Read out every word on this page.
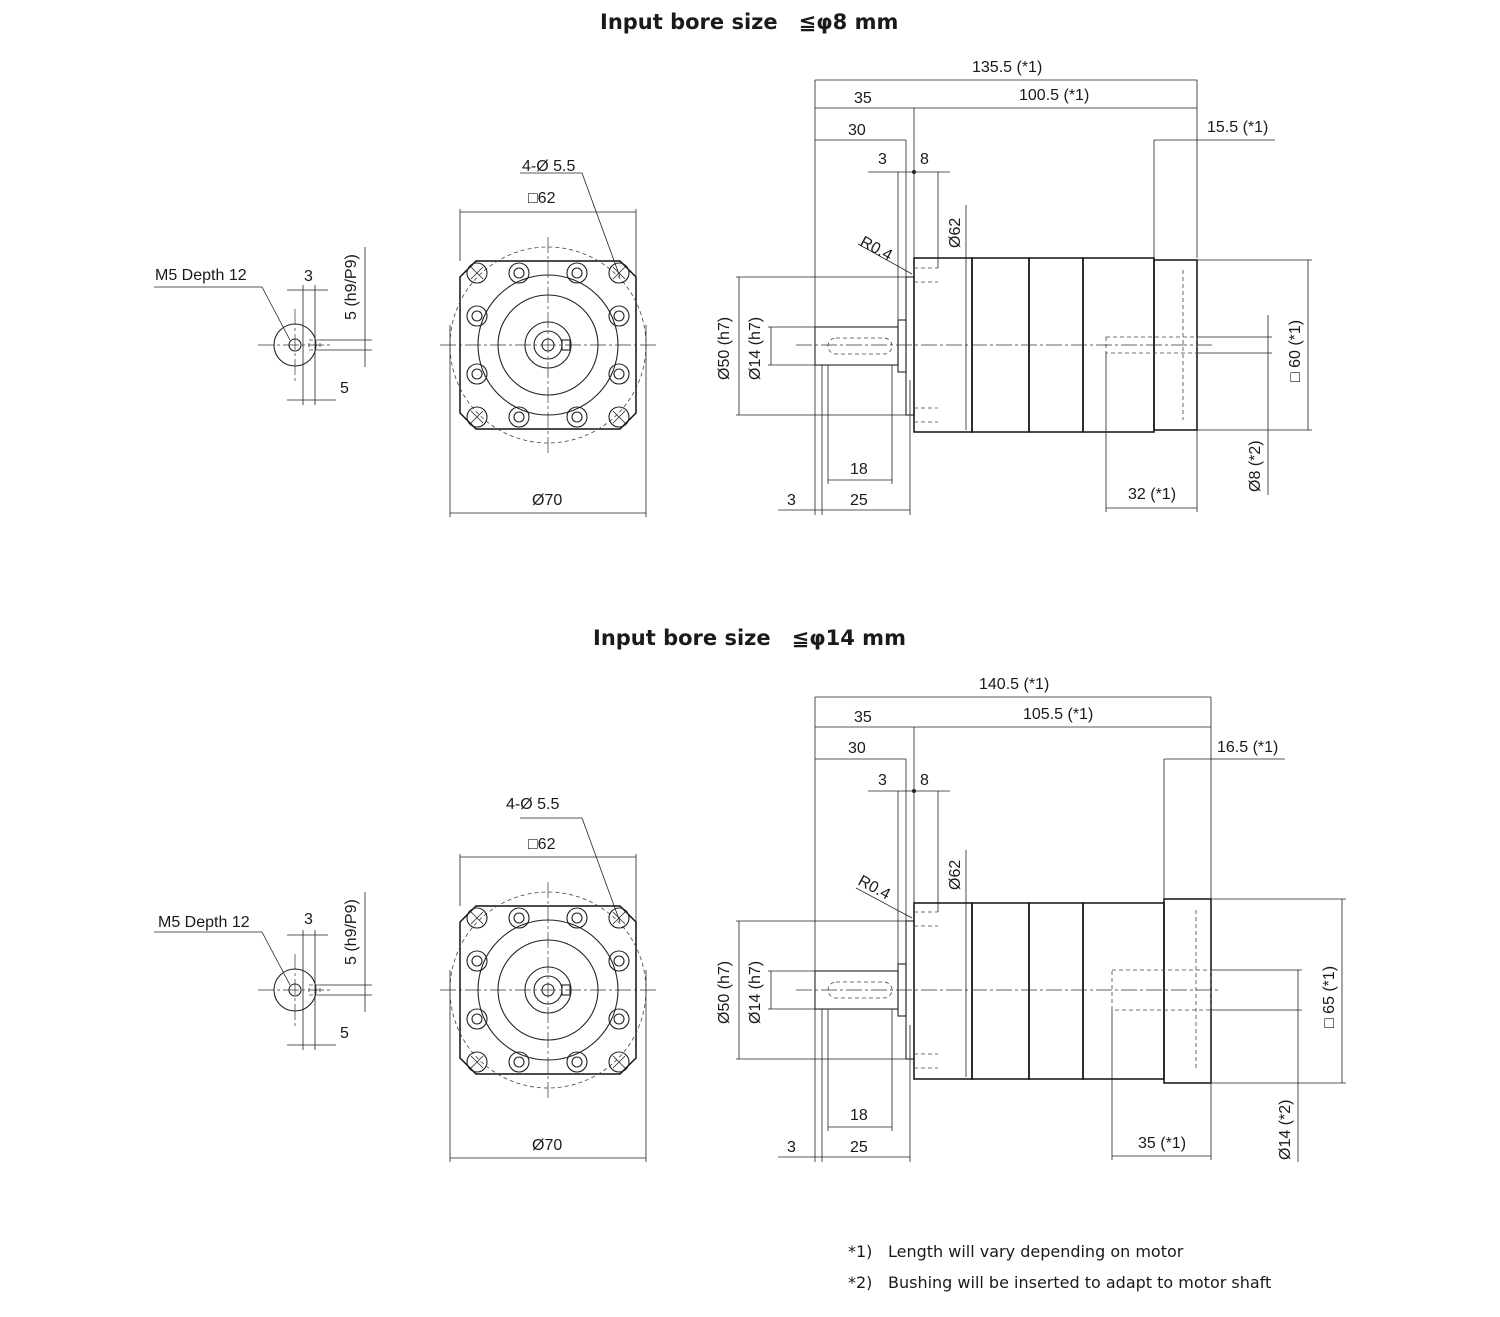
Input bore size　≦φ8 mm
M5 Depth 12	3 5 (h9/P9)
5
4-Ø 5.5
□62
Ø70
135.5 (*1)
35	100.5 (*1)
30	15.5 (*1)
3 8
R0.4
Ø62
Ø50 (h7) Ø14 (h7)	□ 60 (*1)
Ø8 (*2)
18
3	25	32 (*1)
Input bore size　≦φ14 mm
M5 Depth 12	3 5 (h9/P9)
5
4-Ø 5.5
□62
Ø70
140.5 (*1)
35	105.5 (*1)
30	16.5 (*1)
3 8
R0.4	Ø62
Ø50 (h7) Ø14 (h7)	□ 65 (*1)
Ø14 (*2)
18
3	25	35 (*1)
*1) Length will vary depending on motor
*2) Bushing will be inserted to adapt to motor shaft
